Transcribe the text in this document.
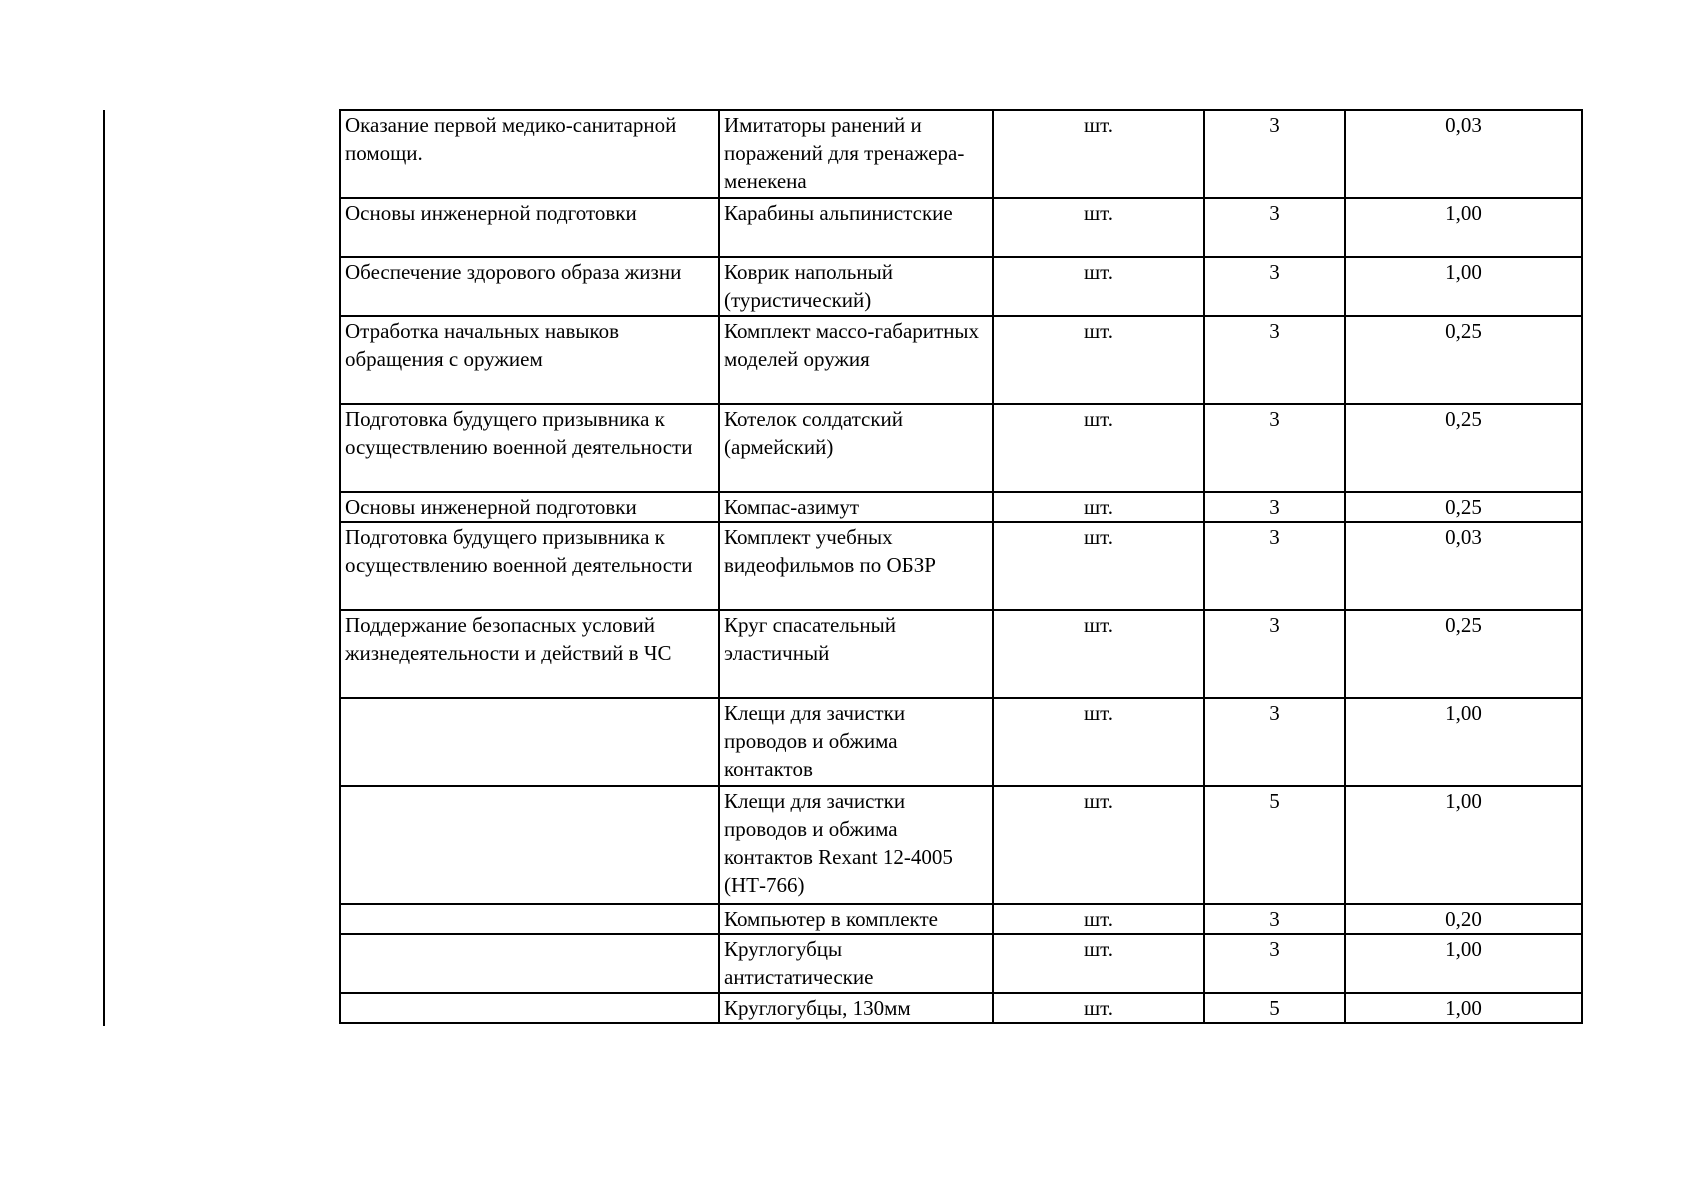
Оказание первой медико-санитарной помощи.	Имитаторы ранений и поражений для тренажера-менекена	шт.	3	0,03
Основы инженерной подготовки	Карабины альпинистские	шт.	3	1,00
Обеспечение здорового образа жизни	Коврик напольный (туристический)	шт.	3	1,00
Отработка начальных навыков обращения с оружием	Комплект массо-габаритных моделей оружия	шт.	3	0,25
Подготовка будущего призывника к осуществлению военной деятельности	Котелок солдатский (армейский)	шт.	3	0,25
Основы инженерной подготовки	Компас-азимут	шт.	3	0,25
Подготовка будущего призывника к осуществлению военной деятельности	Комплект учебных видеофильмов по ОБЗР	шт.	3	0,03
Поддержание безопасных условий жизнедеятельности и действий в ЧС	Круг спасательный эластичный	шт.	3	0,25
	Клещи для зачистки проводов и обжима контактов	шт.	3	1,00
	Клещи для зачистки проводов и обжима контактов Rexant 12-4005 (НТ-766)	шт.	5	1,00
	Компьютер в комплекте	шт.	3	0,20
	Круглогубцы антистатические	шт.	3	1,00
	Круглогубцы, 130мм	шт.	5	1,00
